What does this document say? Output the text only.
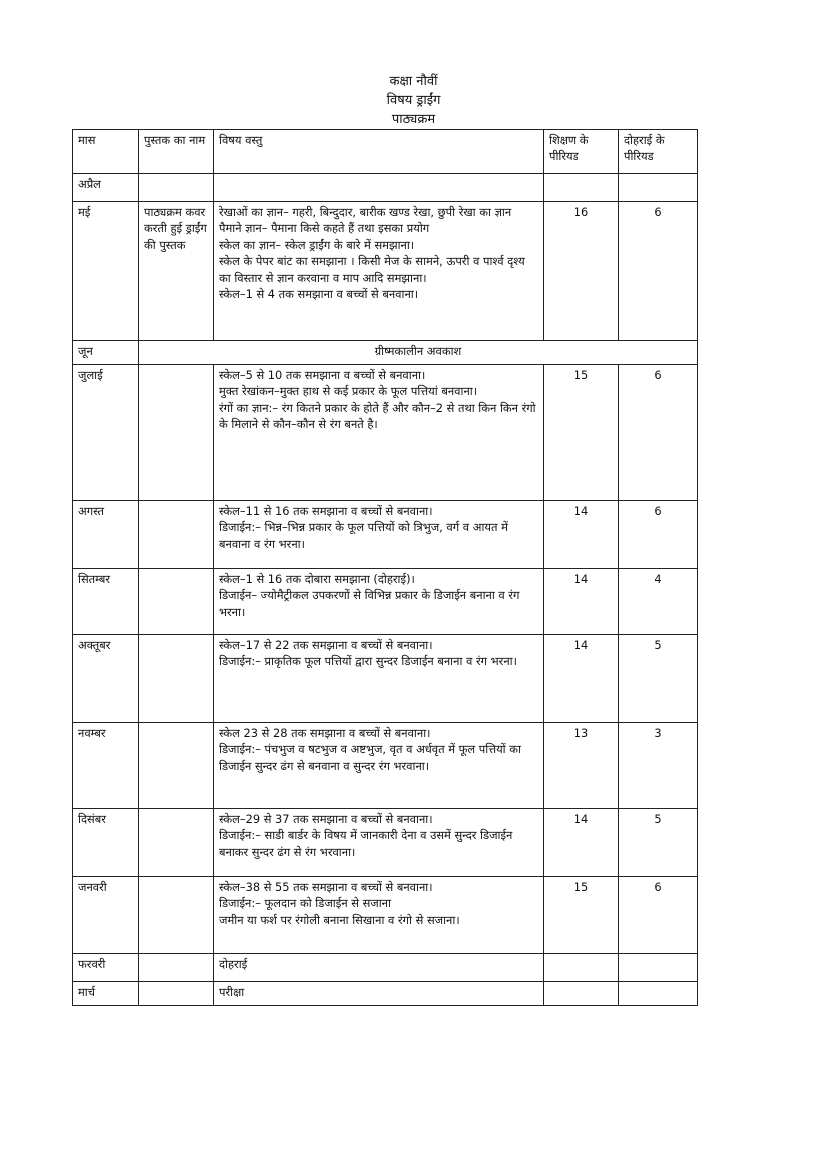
कक्षा नौवीं
विषय ड्राईंग
पाठ्यक्रम
मास	पुस्तक का नाम	विषय वस्तु	शिक्षण के पीरियड	दोहराई के पीरियड
अप्रैल				
मई	पाठ्यक्रम कवर करती हुई ड्राईंग की पुस्तक	रेखाओं का ज्ञान– गहरी, बिन्दुदार, बारीक खण्ड रेखा, छुपी रेखा का ज्ञान
पैमाने ज्ञान– पैमाना किसे कहते हैं तथा इसका प्रयोग
स्केल का ज्ञान– स्केल ड्राईंग के बारे में समझाना।
स्केल के पेपर बांट का समझाना । किसी मेज के सामने, ऊपरी व पार्श्व दृश्य का विस्तार से ज्ञान करवाना व माप आदि समझाना।
स्केल–1 से 4 तक समझाना व बच्चों से बनवाना।	16	6
जून	ग्रीष्मकालीन अवकाश			
जुलाई		स्केल–5 से 10 तक समझाना व बच्चों से बनवाना।
मुक्त रेखांकन–मुक्त हाथ से कई प्रकार के फूल पत्तियां बनवाना।
रंगों का ज्ञान:– रंग कितने प्रकार के होते हैं और कौन–2 से तथा किन किन रंगो के मिलाने से कौन–कौन से रंग बनते है।	15	6
अगस्त		स्केल–11 से 16 तक समझाना व बच्चों से बनवाना।
डिजाईन:– भिन्न–भिन्न प्रकार के फूल पत्तियों को त्रिभुज, वर्ग व आयत में बनवाना व रंग भरना।	14	6
सितम्बर		स्केल–1 से 16 तक दोबारा समझाना (दोहराई)।
डिजाईन– ज्योमैट्रीकल उपकरणों से विभिन्न प्रकार के डिजाईन बनाना व रंग भरना।	14	4
अक्तूबर		स्केल–17 से 22 तक समझाना व बच्चों से बनवाना।
डिजाईन:– प्राकृतिक फूल पत्तियों द्वारा सुन्दर डिजाईन बनाना व रंग भरना।	14	5
नवम्बर		स्केल 23 से 28 तक समझाना व बच्चों से बनवाना।
डिजाईन:– पंचभुज व षटभुज व अष्टभुज, वृत व अर्धवृत में फूल पत्तियों का डिजाईन सुन्दर ढंग से बनवाना व सुन्दर रंग भरवाना।	13	3
दिसंबर		स्केल–29 से 37 तक समझाना व बच्चों से बनवाना।
डिजाईन:– साडी बार्डर के विषय में जानकारी देना व उसमें सुन्दर डिजाईन बनाकर सुन्दर ढंग से रंग भरवाना।	14	5
जनवरी		स्केल–38 से 55 तक समझाना व बच्चों से बनवाना।
डिजाईन:– फूलदान को डिजाईन से सजाना
जमीन या फर्श पर रंगोली बनाना सिखाना व रंगो से सजाना।	15	6
फरवरी		दोहराई		

मार्च		परीक्षा		
